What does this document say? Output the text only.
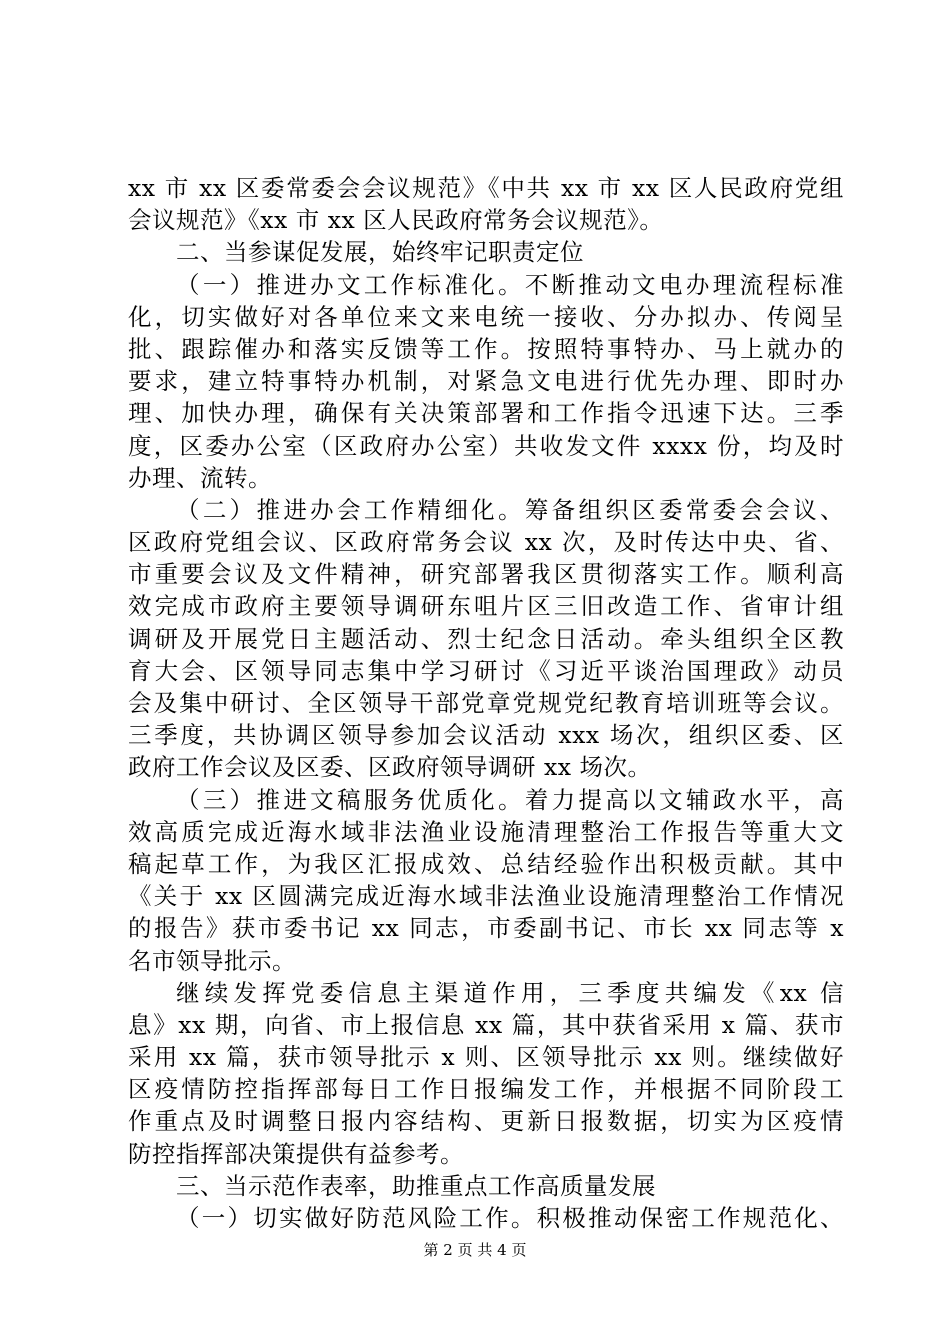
xx 市 xx 区委常委会会议规范》《中共 xx 市 xx 区人民政府党组
会议规范》《xx 市 xx 区人民政府常务会议规范》。
二、当参谋促发展，始终牢记职责定位
（一）推进办文工作标准化。不断推动文电办理流程标准
化，切实做好对各单位来文来电统一接收、分办拟办、传阅呈
批、跟踪催办和落实反馈等工作。按照特事特办、马上就办的
要求，建立特事特办机制，对紧急文电进行优先办理、即时办
理、加快办理，确保有关决策部署和工作指令迅速下达。三季
度，区委办公室（区政府办公室）共收发文件 xxxx 份，均及时
办理、流转。
（二）推进办会工作精细化。筹备组织区委常委会会议、
区政府党组会议、区政府常务会议 xx 次，及时传达中央、省、
市重要会议及文件精神，研究部署我区贯彻落实工作。顺利高
效完成市政府主要领导调研东咀片区三旧改造工作、省审计组
调研及开展党日主题活动、烈士纪念日活动。牵头组织全区教
育大会、区领导同志集中学习研讨《习近平谈治国理政》动员
会及集中研讨、全区领导干部党章党规党纪教育培训班等会议。
三季度，共协调区领导参加会议活动 xxx 场次，组织区委、区
政府工作会议及区委、区政府领导调研 xx 场次。
（三）推进文稿服务优质化。着力提高以文辅政水平，高
效高质完成近海水域非法渔业设施清理整治工作报告等重大文
稿起草工作，为我区汇报成效、总结经验作出积极贡献。其中
《关于 xx 区圆满完成近海水域非法渔业设施清理整治工作情况
的报告》获市委书记 xx 同志，市委副书记、市长 xx 同志等 x
名市领导批示。
继续发挥党委信息主渠道作用，三季度共编发《xx 信
息》xx 期，向省、市上报信息 xx 篇，其中获省采用 x 篇、获市
采用 xx 篇，获市领导批示 x 则、区领导批示 xx 则。继续做好
区疫情防控指挥部每日工作日报编发工作，并根据不同阶段工
作重点及时调整日报内容结构、更新日报数据，切实为区疫情
防控指挥部决策提供有益参考。
三、当示范作表率，助推重点工作高质量发展
（一）切实做好防范风险工作。积极推动保密工作规范化、
第 2 页 共 4 页
